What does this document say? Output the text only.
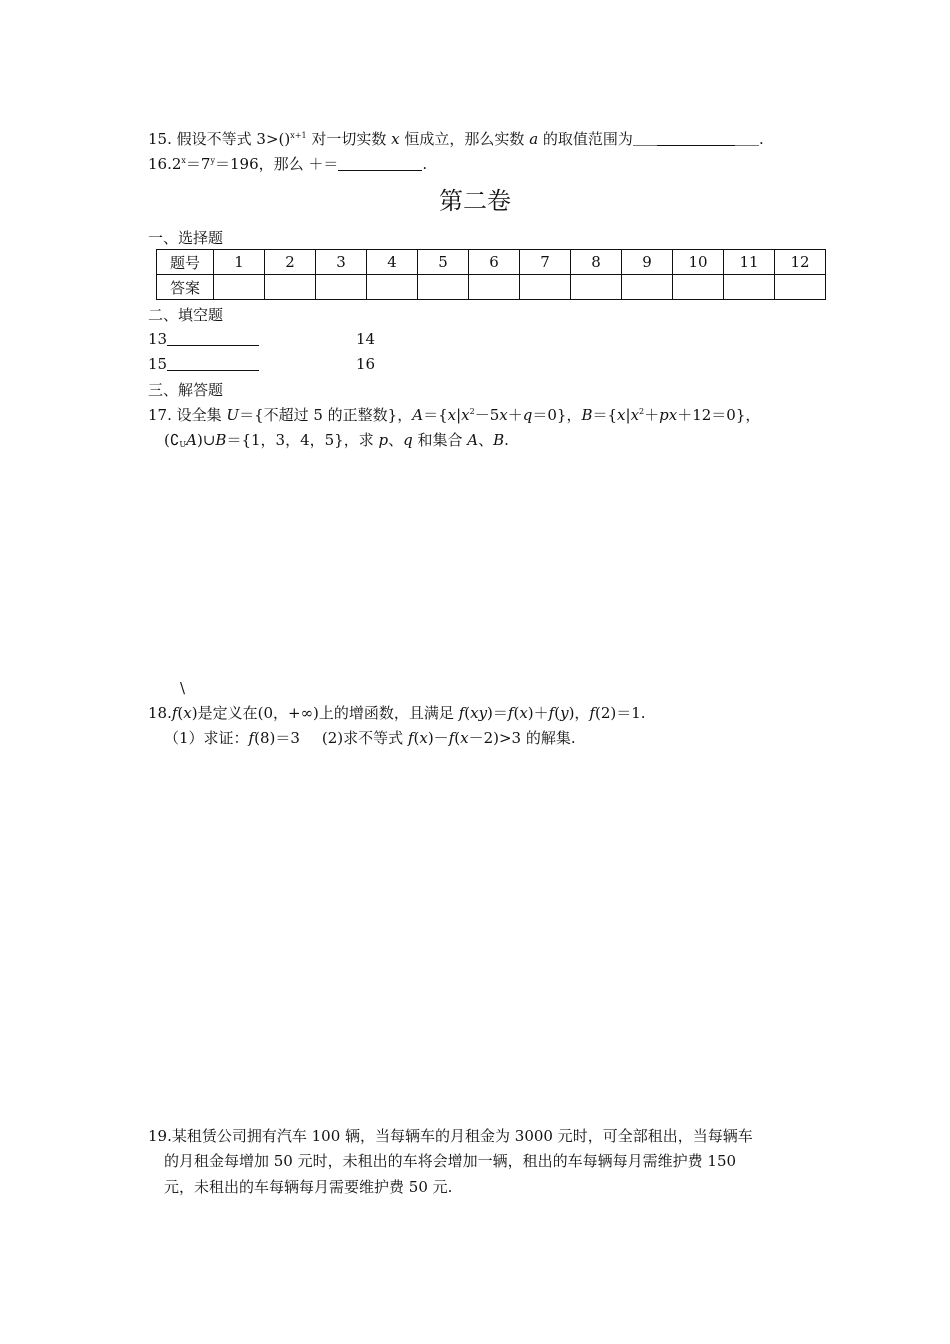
15. 假设不等式 3>()$^{x+1}$ 对一切实数 x 恒成立，那么实数 a 的取值范围为	.
$16.2^x=7^y=196$，那么 ＋＝	.
第二卷
一、选择题
题号	1	2	3	4	5	6	7	8	9	10	11	12
答案												
二、填空题
13	14
15	16
三、解答题
17. 设全集 U＝{不超过 5 的正整数}，$A=\{x|x^2-5x+q=0\}$，$B=\{x|x^2+px+12=0\}$，
$(∁_UA)\cup B=\{1$，3，4，5}，求 p、q 和集合 A、B.
\
18.f(x)是定义在(0，+∞)上的增函数，且满足 f(xy)＝f(x)＋f(y)，f(2)＝1.
（1）求证：f(8)＝3 (2)求不等式 f(x)－f(x－2)>3 的解集.
19.某租赁公司拥有汽车 100 辆，当每辆车的月租金为 3000 元时，可全部租出，当每辆车
的月租金每增加 50 元时，未租出的车将会增加一辆，租出的车每辆每月需维护费 150
元，未租出的车每辆每月需要维护费 50 元.
